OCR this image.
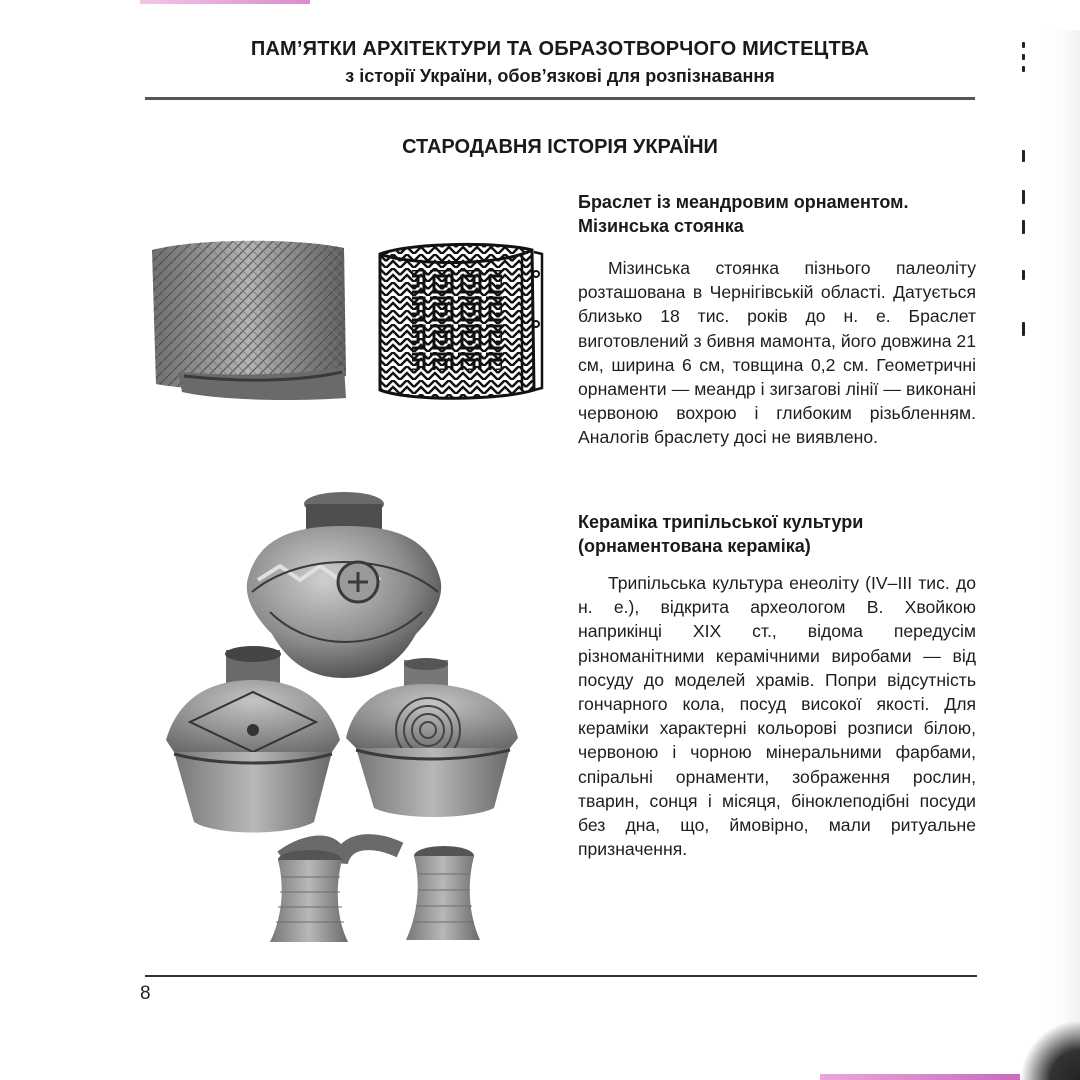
ПАМ’ЯТКИ АРХІТЕКТУРИ ТА ОБРАЗОТВОРЧОГО МИСТЕЦТВА
з історії України, обов’язкові для розпізнавання
СТАРОДАВНЯ ІСТОРІЯ УКРАЇНИ
Браслет із меандровим орнаментом.
Мізинська стоянка

Мізинська стоянка пізнього палеоліту розташована в Чернігівській області. Датується близько 18 тис. років до н. е. Браслет виготовлений з бивня мамонта, його довжина 21 см, ширина 6 см, товщина 0,2 см. Геометричні орнаменти — меандр і зигзагові лінії — виконані червоною вохрою і глибоким різьбленням. Аналогів браслету досі не виявлено.

Кераміка трипільської культури
(орнаментована кераміка)

Трипільська культура енеоліту (IV–III тис. до н. е.), відкрита археологом В. Хвойкою наприкінці XIX ст., відома передусім різноманітними керамічними виробами — від посуду до моделей храмів. Попри відсутність гончарного кола, посуд високої якості. Для кераміки характерні кольорові розписи білою, червоною і чорною мінеральними фарбами, спіральні орнаменти, зображення рослин, тварин, сонця і місяця, біноклеподібні посуди без дна, що, ймовірно, мали ритуальне призначення.

8
